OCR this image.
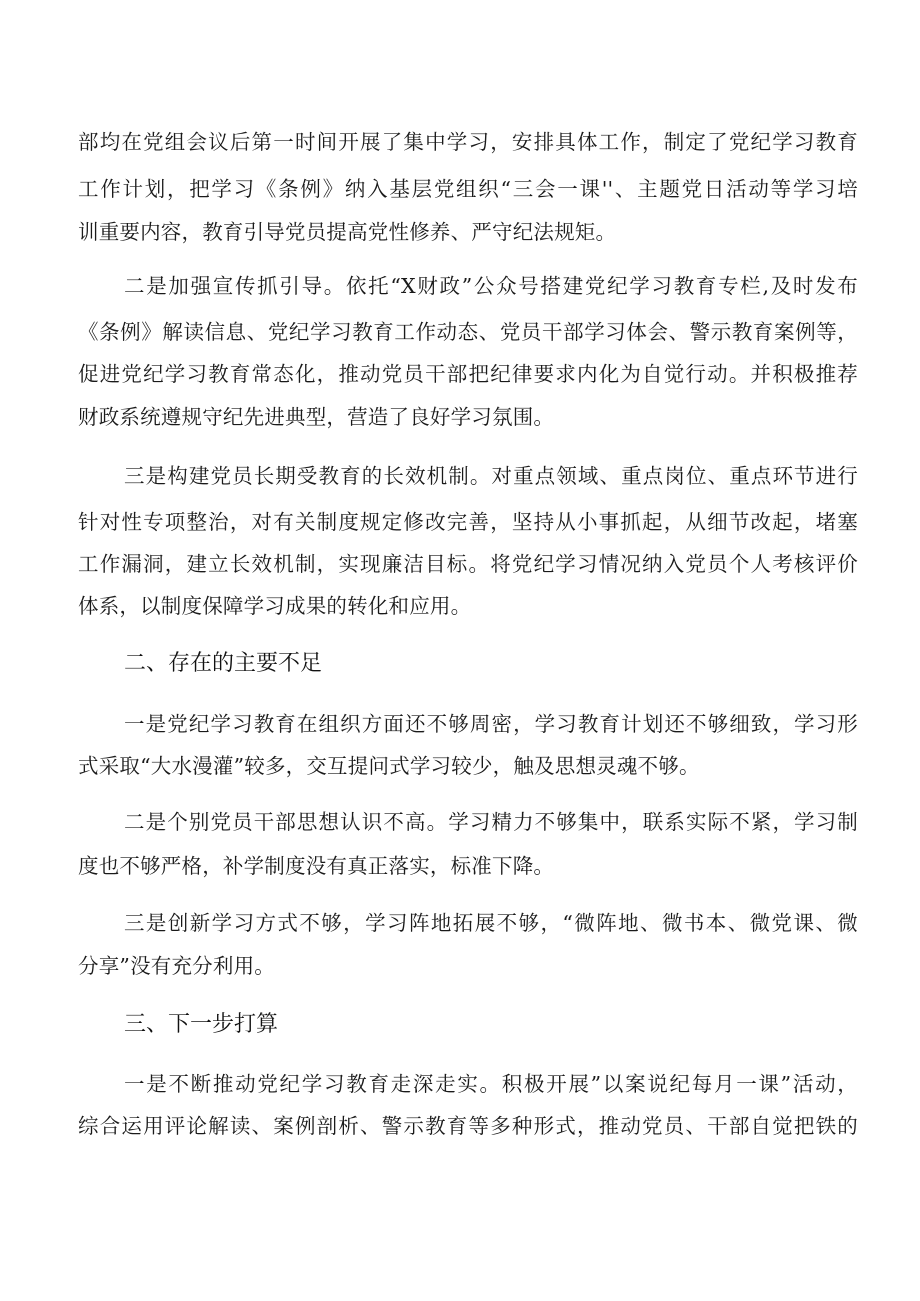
部均在党组会议后第一时间开展了集中学习，安排具体工作，制定了党纪学习教育
工作计划，把学习《条例》纳入基层党组织“三会一课''、主题党日活动等学习培
训重要内容，教育引导党员提高党性修养、严守纪法规矩。
二是加强宣传抓引导。依托“X财政”公众号搭建党纪学习教育专栏,及时发布
《条例》解读信息、党纪学习教育工作动态、党员干部学习体会、警示教育案例等，
促进党纪学习教育常态化，推动党员干部把纪律要求内化为自觉行动。并积极推荐
财政系统遵规守纪先进典型，营造了良好学习氛围。
三是构建党员长期受教育的长效机制。对重点领域、重点岗位、重点环节进行
针对性专项整治，对有关制度规定修改完善，坚持从小事抓起，从细节改起，堵塞
工作漏洞，建立长效机制，实现廉洁目标。将党纪学习情况纳入党员个人考核评价
体系，以制度保障学习成果的转化和应用。
二、存在的主要不足
一是党纪学习教育在组织方面还不够周密，学习教育计划还不够细致，学习形
式采取“大水漫灌”较多，交互提问式学习较少，触及思想灵魂不够。
二是个别党员干部思想认识不高。学习精力不够集中，联系实际不紧，学习制
度也不够严格，补学制度没有真正落实，标准下降。
三是创新学习方式不够，学习阵地拓展不够，“微阵地、微书本、微党课、微
分享”没有充分利用。
三、下一步打算
一是不断推动党纪学习教育走深走实。积极开展”以案说纪每月一课”活动，
综合运用评论解读、案例剖析、警示教育等多种形式，推动党员、干部自觉把铁的
